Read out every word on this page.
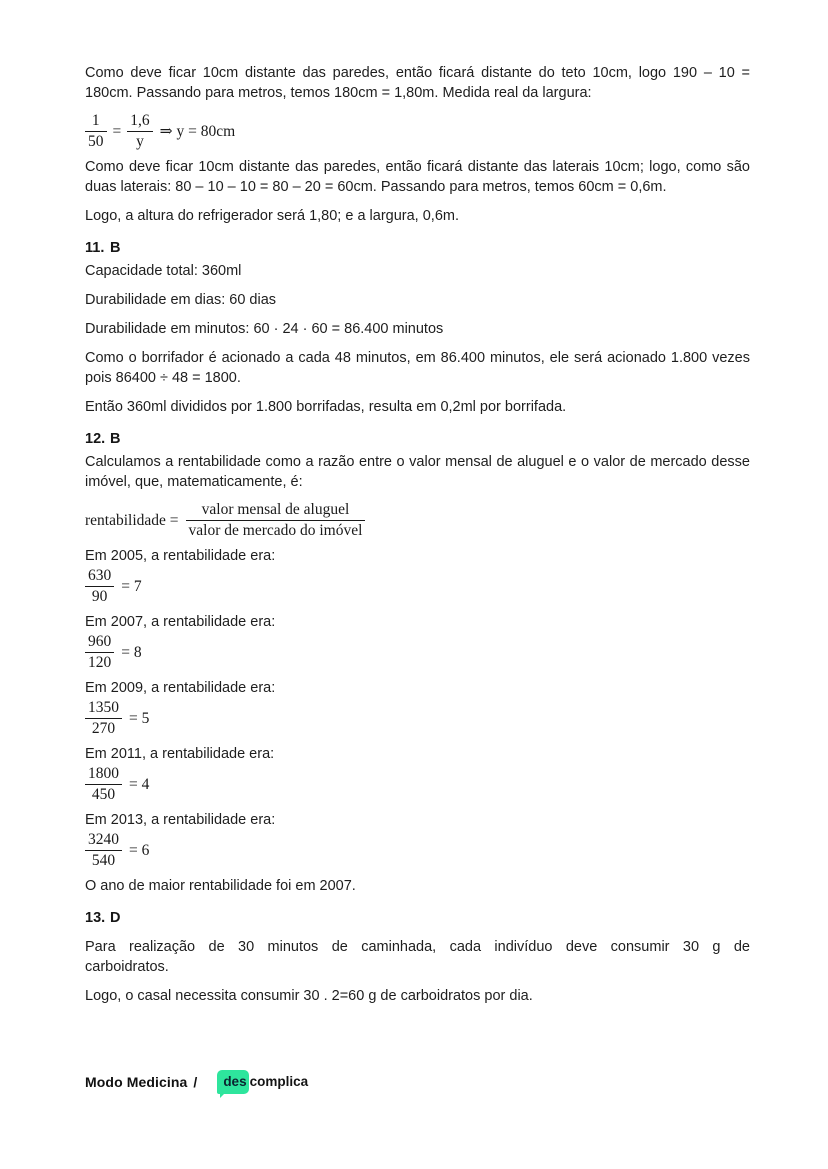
Como deve ficar 10cm distante das paredes, então ficará distante do teto 10cm, logo 190 – 10 = 180cm. Passando para metros, temos 180cm = 1,80m. Medida real da largura:

$\frac{1}{50} = \frac{1,6}{y}$ ⇒ y = 80cm

Como deve ficar 10cm distante das paredes, então ficará distante das laterais 10cm; logo, como são duas laterais: 80 – 10 – 10 = 80 – 20 = 60cm. Passando para metros, temos 60cm = 0,6m.

Logo, a altura do refrigerador será 1,80; e a largura, 0,6m.

11. B

Capacidade total: 360ml

Durabilidade em dias: 60 dias

Durabilidade em minutos: 60 · 24 · 60 = 86.400 minutos

Como o borrifador é acionado a cada 48 minutos, em 86.400 minutos, ele será acionado 1.800 vezes pois 86400 ÷ 48 = 1800.

Então 360ml divididos por 1.800 borrifadas, resulta em 0,2ml por borrifada.

12. B

Calculamos a rentabilidade como a razão entre o valor mensal de aluguel e o valor de mercado desse imóvel, que, matematicamente, é:

rentabilidade = $\frac{\text{valor mensal de aluguel}}{\text{valor de mercado do imóvel}}$

Em 2005, a rentabilidade era:

$\frac{630}{90} = 7$

Em 2007, a rentabilidade era:

$\frac{960}{120} = 8$

Em 2009, a rentabilidade era:

$\frac{1350}{270} = 5$

Em 2011, a rentabilidade era:

$\frac{1800}{450} = 4$

Em 2013, a rentabilidade era:

$\frac{3240}{540} = 6$

O ano de maior rentabilidade foi em 2007.

13. D
Para realização de 30 minutos de caminhada, cada indivíduo deve consumir 30 g de
carboidratos.

Logo, o casal necessita consumir 30 . 2=60 g de carboidratos por dia.

Modo Medicina /	des complica
